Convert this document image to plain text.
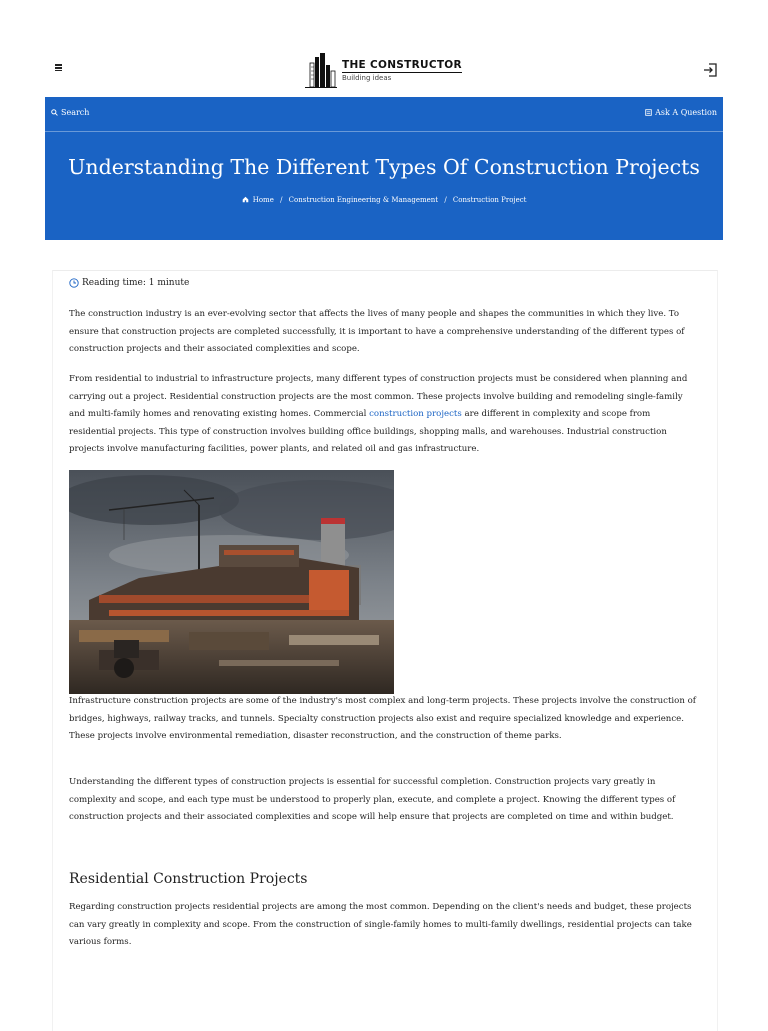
THE CONSTRUCTOR
Building ideas
Search	Ask A Question
Understanding The Different Types Of Construction Projects
Home / Construction Engineering & Management / Construction Project
Reading time: 1 minute

The construction industry is an ever-evolving sector that affects the lives of many people and shapes the communities in which they live. To ensure that construction projects are completed successfully, it is important to have a comprehensive understanding of the different types of construction projects and their associated complexities and scope.

From residential to industrial to infrastructure projects, many different types of construction projects must be considered when planning and carrying out a project. Residential construction projects are the most common. These projects involve building and remodeling single-family and multi-family homes and renovating existing homes. Commercial construction projects are different in complexity and scope from residential projects. This type of construction involves building office buildings, shopping malls, and warehouses. Industrial construction projects involve manufacturing facilities, power plants, and related oil and gas infrastructure.

Infrastructure construction projects are some of the industry's most complex and long-term projects. These projects involve the construction of bridges, highways, railway tracks, and tunnels. Specialty construction projects also exist and require specialized knowledge and experience. These projects involve environmental remediation, disaster reconstruction, and the construction of theme parks.

Understanding the different types of construction projects is essential for successful completion. Construction projects vary greatly in complexity and scope, and each type must be understood to properly plan, execute, and complete a project. Knowing the different types of construction projects and their associated complexities and scope will help ensure that projects are completed on time and within budget.

Residential Construction Projects

Regarding construction projects residential projects are among the most common. Depending on the client's needs and budget, these projects can vary greatly in complexity and scope. From the construction of single-family homes to multi-family dwellings, residential projects can take various forms.
